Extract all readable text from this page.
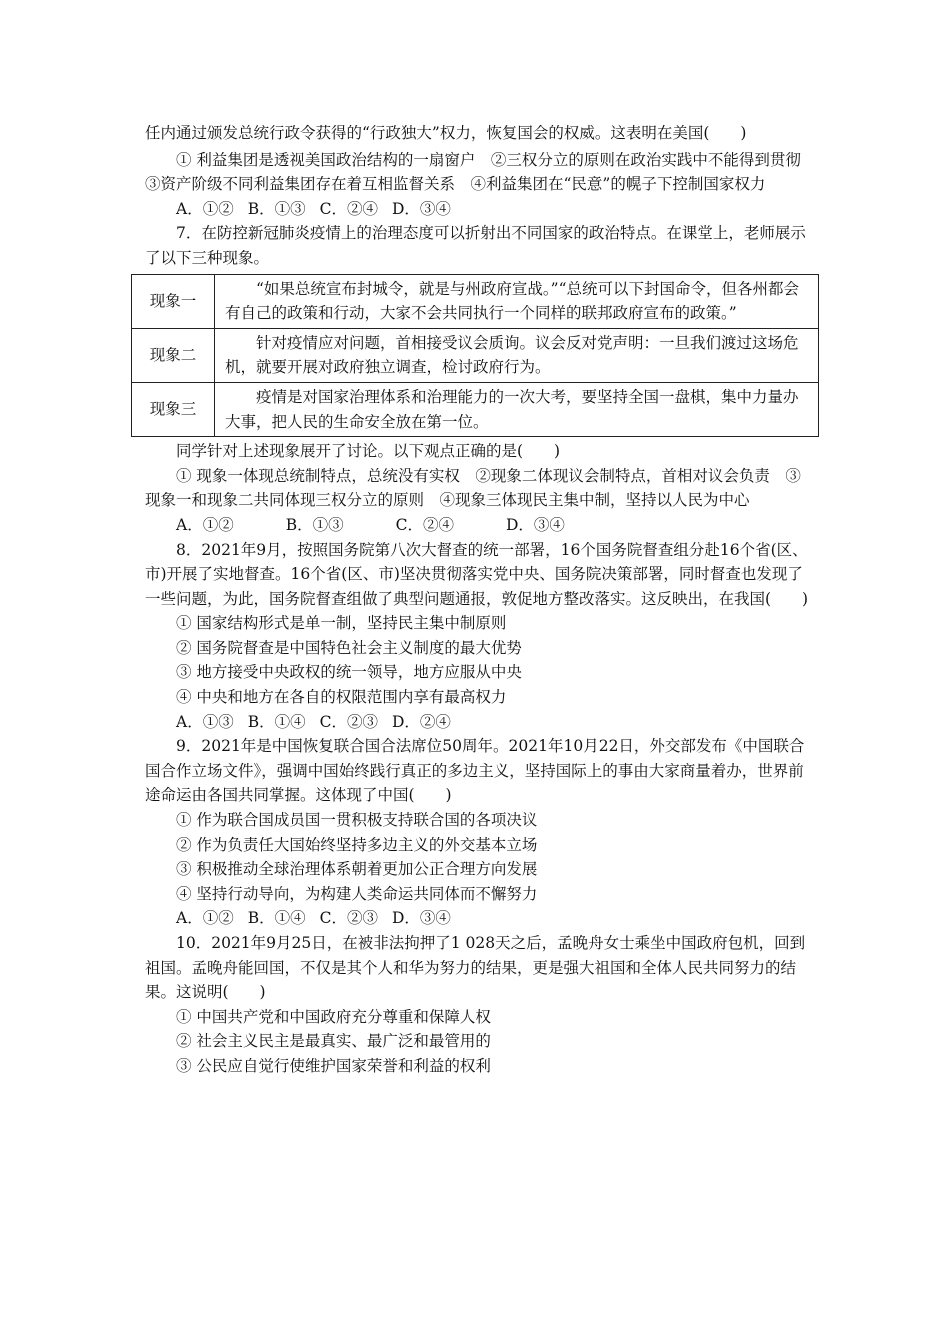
任内通过颁发总统行政令获得的“行政独大”权力，恢复国会的权威。这表明在美国(　　)

① 利益集团是透视美国政治结构的一扇窗户　②三权分立的原则在政治实践中不能得到贯彻　③资产阶级不同利益集团存在着互相监督关系　④利益集团在“民意”的幌子下控制国家权力

A．①② B．①③ C．②④ D．③④

7．在防控新冠肺炎疫情上的治理态度可以折射出不同国家的政治特点。在课堂上，老师展示了以下三种现象。

现象一	“如果总统宣布封城令，就是与州政府宣战。”“总统可以下封国命令，但各州都会有自己的政策和行动，大家不会共同执行一个同样的联邦政府宣布的政策。”
现象二	针对疫情应对问题，首相接受议会质询。议会反对党声明：一旦我们渡过这场危机，就要开展对政府独立调查，检讨政府行为。
现象三	疫情是对国家治理体系和治理能力的一次大考，要坚持全国一盘棋，集中力量办大事，把人民的生命安全放在第一位。

同学针对上述现象展开了讨论。以下观点正确的是(　　)

① 现象一体现总统制特点，总统没有实权　②现象二体现议会制特点，首相对议会负责　③现象一和现象二共同体现三权分立的原则　④现象三体现民主集中制，坚持以人民为中心

A．①②	B．①③	C．②④	D．③④

8．2021年9月，按照国务院第八次大督查的统一部署，16个国务院督查组分赴16个省(区、市)开展了实地督查。16个省(区、市)坚决贯彻落实党中央、国务院决策部署，同时督查也发现了一些问题，为此，国务院督查组做了典型问题通报，敦促地方整改落实。这反映出，在我国(　　)

① 国家结构形式是单一制，坚持民主集中制原则

② 国务院督查是中国特色社会主义制度的最大优势

③ 地方接受中央政权的统一领导，地方应服从中央

④ 中央和地方在各自的权限范围内享有最高权力

A．①③ B．①④ C．②③ D．②④

9．2021年是中国恢复联合国合法席位50周年。2021年10月22日，外交部发布《中国联合国合作立场文件》，强调中国始终践行真正的多边主义，坚持国际上的事由大家商量着办，世界前途命运由各国共同掌握。这体现了中国(　　)

① 作为联合国成员国一贯积极支持联合国的各项决议

② 作为负责任大国始终坚持多边主义的外交基本立场

③ 积极推动全球治理体系朝着更加公正合理方向发展

④ 坚持行动导向，为构建人类命运共同体而不懈努力

A．①② B．①④ C．②③ D．③④

10．2021年9月25日，在被非法拘押了1 028天之后，孟晚舟女士乘坐中国政府包机，回到祖国。孟晚舟能回国，不仅是其个人和华为努力的结果，更是强大祖国和全体人民共同努力的结果。这说明(　　)

① 中国共产党和中国政府充分尊重和保障人权

② 社会主义民主是最真实、最广泛和最管用的

③ 公民应自觉行使维护国家荣誉和利益的权利
